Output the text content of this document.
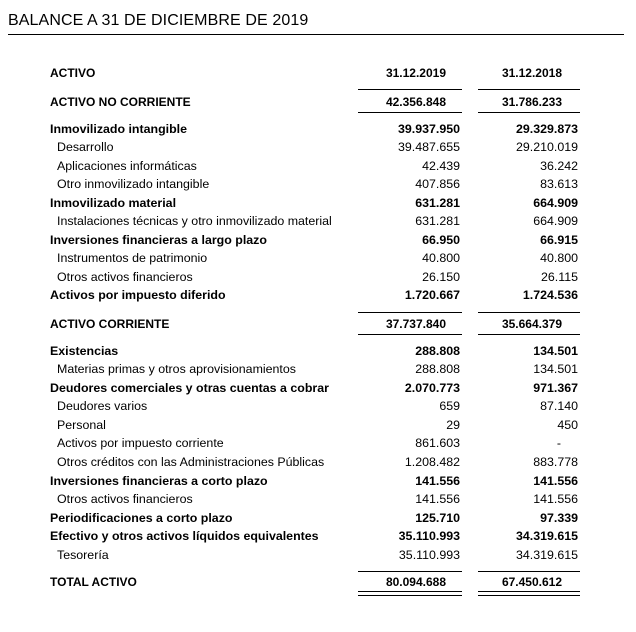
BALANCE A 31 DE DICIEMBRE DE 2019
ACTIVO	31.12.2019	31.12.2018
ACTIVO NO CORRIENTE	42.356.848	31.786.233
Inmovilizado intangible	39.937.950	29.329.873
Desarrollo	39.487.655	29.210.019
Aplicaciones informáticas	42.439	36.242
Otro inmovilizado intangible	407.856	83.613
Inmovilizado material	631.281	664.909
Instalaciones técnicas y otro inmovilizado material	631.281	664.909
Inversiones financieras a largo plazo	66.950	66.915
Instrumentos de patrimonio	40.800	40.800
Otros activos financieros	26.150	26.115
Activos por impuesto diferido	1.720.667	1.724.536
ACTIVO CORRIENTE	37.737.840	35.664.379
Existencias	288.808	134.501
Materias primas y otros aprovisionamientos	288.808	134.501
Deudores comerciales y otras cuentas a cobrar	2.070.773	971.367
Deudores varios	659	87.140
Personal	29	450
Activos por impuesto corriente	861.603	-
Otros créditos con las Administraciones Públicas	1.208.482	883.778
Inversiones financieras a corto plazo	141.556	141.556
Otros activos financieros	141.556	141.556
Periodificaciones a corto plazo	125.710	97.339
Efectivo y otros activos líquidos equivalentes	35.110.993	34.319.615
Tesorería	35.110.993	34.319.615
TOTAL ACTIVO	80.094.688	67.450.612
